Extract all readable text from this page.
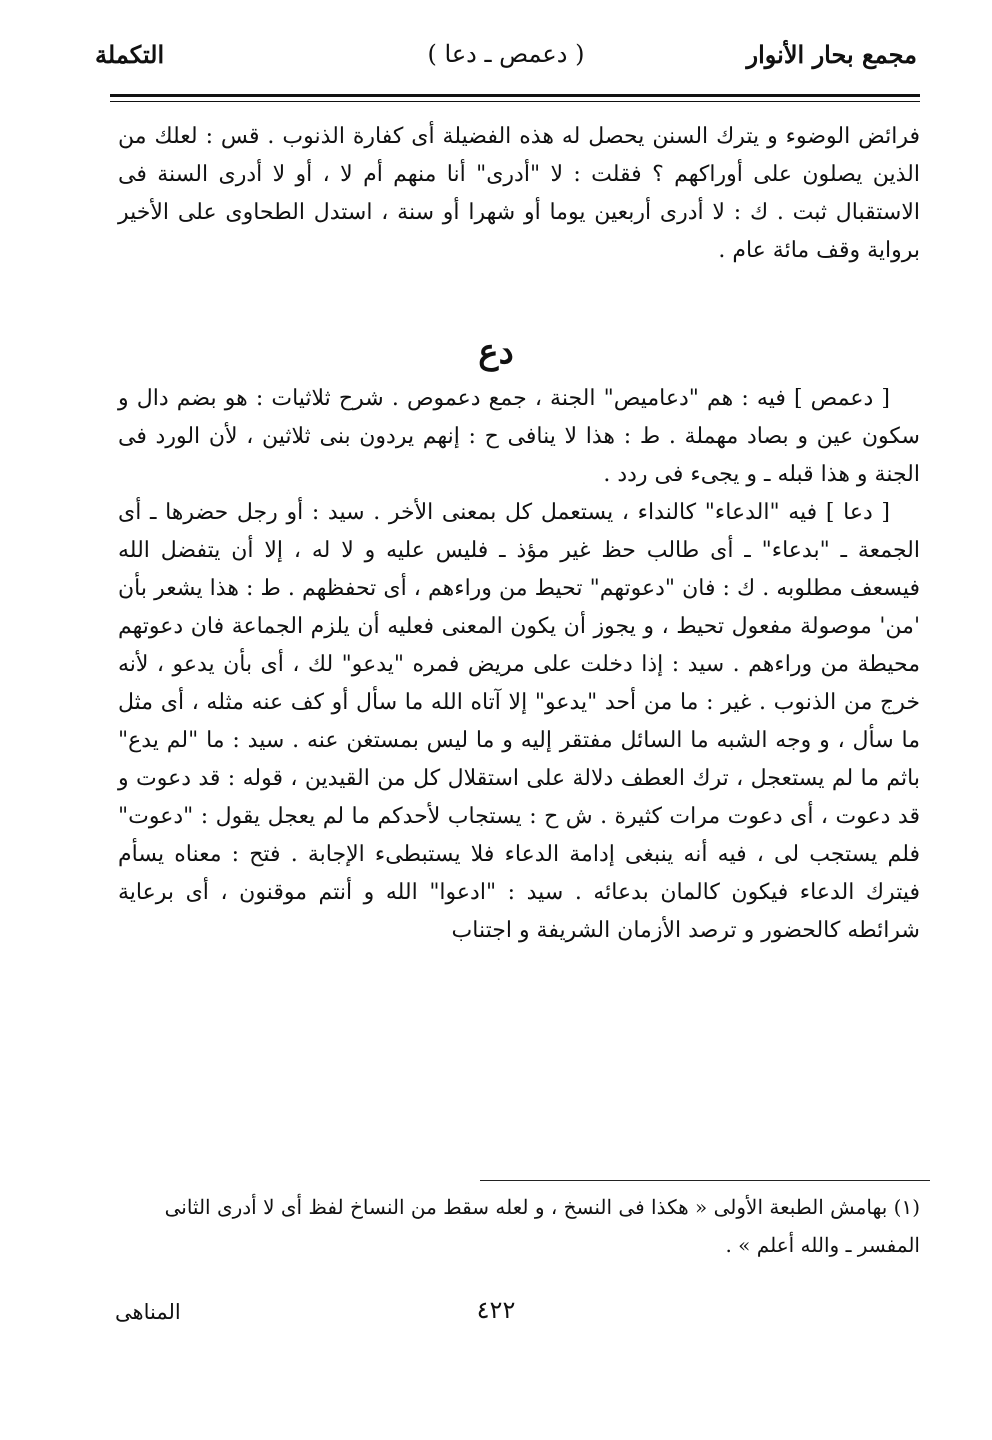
مجمع بحار الأنوار
( دعمص ـ دعا )
التكملة

فرائض الوضوء و يترك السنن يحصل له هذه الفضيلة أى كفارة الذنوب . قس : لعلك من الذين يصلون على أوراكهم ؟ فقلت : لا "أدرى" أنا منهم أم لا ، أو لا أدرى السنة فى الاستقبال ثبت . ك : لا أدرى أربعين يوما أو شهرا أو سنة ، استدل الطحاوى على الأخير برواية وقف مائة عام .

دع

[ دعمص ] فيه : هم "دعاميص" الجنة ، جمع دعموص . شرح ثلاثيات : هو بضم دال و سكون عين و بصاد مهملة . ط : هذا لا ينافى ح : إنهم يردون بنى ثلاثين ، لأن الورد فى الجنة و هذا قبله ـ و يجىء فى ردد .

[ دعا ] فيه "الدعاء" كالنداء ، يستعمل كل بمعنى الأخر . سيد : أو رجل حضرها ـ أى الجمعة ـ "بدعاء" ـ أى طالب حظ غير مؤذ ـ فليس عليه و لا له ، إلا أن يتفضل الله فيسعف مطلوبه . ك : فان "دعوتهم" تحيط من وراءهم ، أى تحفظهم . ط : هذا يشعر بأن 'من' موصولة مفعول تحيط ، و يجوز أن يكون المعنى فعليه أن يلزم الجماعة فان دعوتهم محيطة من وراءهم . سيد : إذا دخلت على مريض فمره "يدعو" لك ، أى بأن يدعو ، لأنه خرج من الذنوب . غير : ما من أحد "يدعو" إلا آتاه الله ما سأل أو كف عنه مثله ، أى مثل ما سأل ، و وجه الشبه ما السائل مفتقر إليه و ما ليس بمستغن عنه . سيد : ما "لم يدع" باثم ما لم يستعجل ، ترك العطف دلالة على استقلال كل من القيدين ، قوله : قد دعوت و قد دعوت ، أى دعوت مرات كثيرة . ش ح : يستجاب لأحدكم ما لم يعجل يقول : "دعوت" فلم يستجب لى ، فيه أنه ينبغى إدامة الدعاء فلا يستبطىء الإجابة . فتح : معناه يسأم فيترك الدعاء فيكون كالمان بدعائه . سيد : "ادعوا" الله و أنتم موقنون ، أى برعاية شرائطه كالحضور و ترصد الأزمان الشريفة و اجتناب

(١) بهامش الطبعة الأولى « هكذا فى النسخ ، و لعله سقط من النساخ لفظ أى لا أدرى الثانى

المفسر ـ والله أعلم » .

المناهى	٤٢٢
